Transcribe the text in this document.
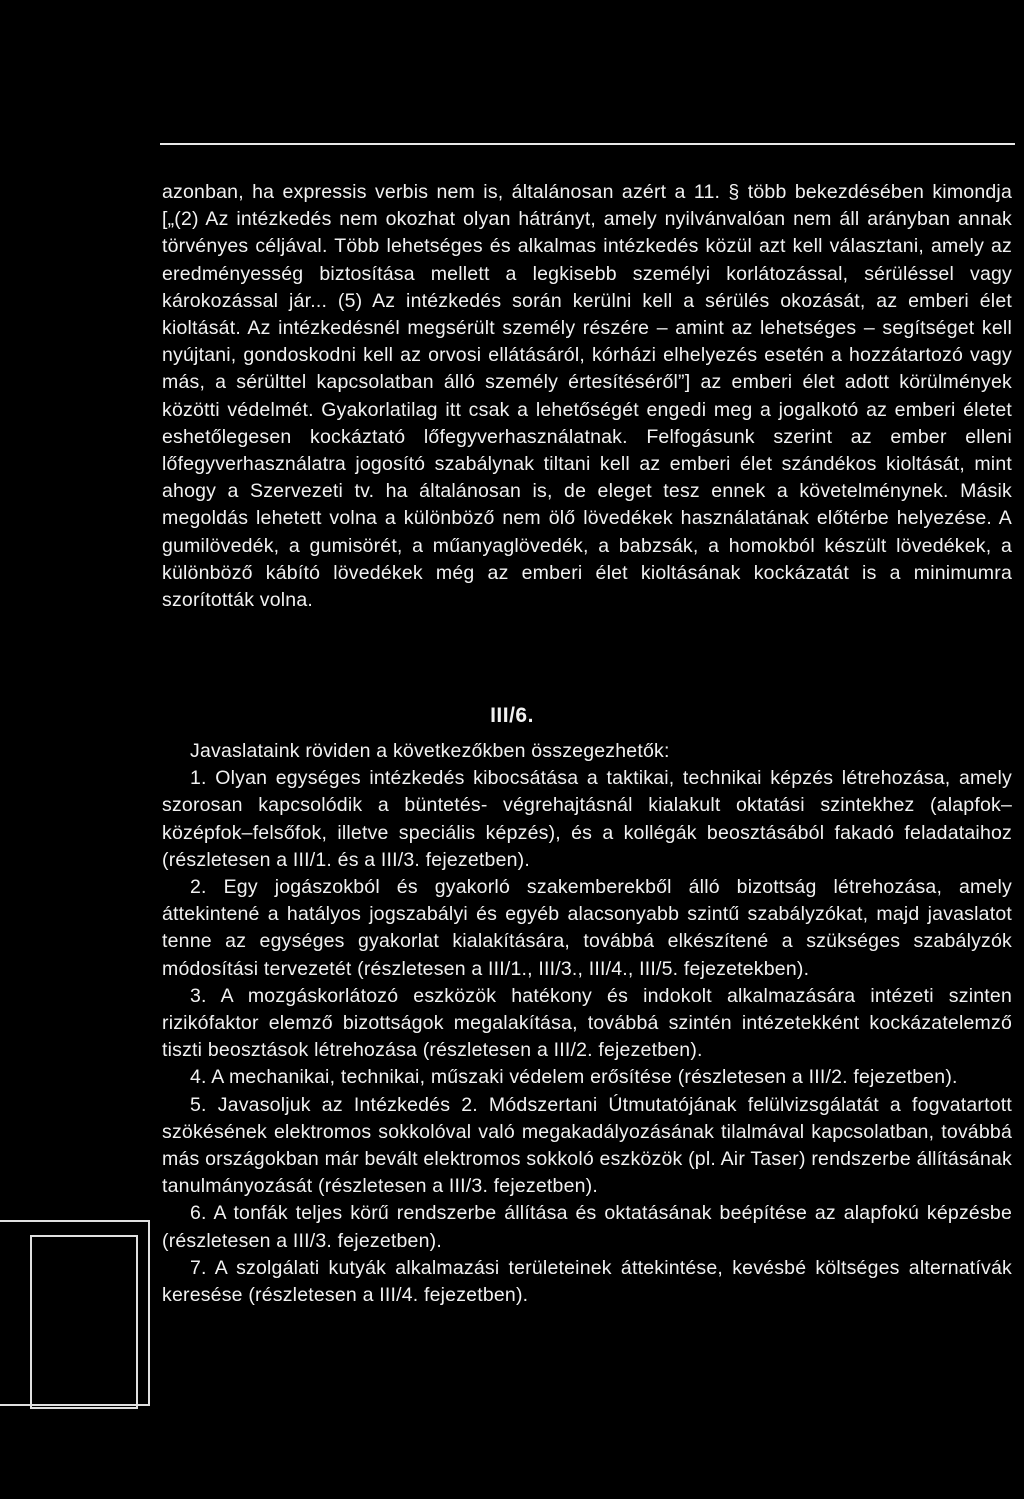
azonban, ha expressis verbis nem is, általánosan azért a 11. § több bekezdésében kimondja [„(2) Az intézkedés nem okozhat olyan hátrányt, amely nyilvánvalóan nem áll arányban annak törvényes céljával. Több lehetséges és alkalmas intézkedés közül azt kell választani, amely az eredményesség biztosítása mellett a legkisebb személyi korlátozással, sérüléssel vagy károkozással jár... (5) Az intézkedés során kerülni kell a sérülés okozását, az emberi élet kioltását. Az intézkedésnél megsérült személy részére – amint az lehetséges – segítséget kell nyújtani, gondoskodni kell az orvosi ellátásáról, kórházi elhelyezés esetén a hozzátartozó vagy más, a sérülttel kapcsolatban álló személy értesítéséről”] az emberi élet adott körülmények közötti védelmét. Gyakorlatilag itt csak a lehetőségét engedi meg a jogalkotó az emberi életet eshetőlegesen kockáztató lőfegyverhasználatnak. Felfogásunk szerint az ember elleni lőfegyverhasználatra jogosító szabálynak tiltani kell az emberi élet szándékos kioltását, mint ahogy a Szervezeti tv. ha általánosan is, de eleget tesz ennek a követelménynek. Másik megoldás lehetett volna a különböző nem ölő lövedékek használatának előtérbe helyezése. A gumilövedék, a gumisörét, a műanyaglövedék, a babzsák, a homokból készült lövedékek, a különböző kábító lövedékek még az emberi élet kioltásának kockázatát is a minimumra szorították volna.

III/6.

Javaslataink röviden a következőkben összegezhetők:

1. Olyan egységes intézkedés kibocsátása a taktikai, technikai képzés létrehozása, amely szorosan kapcsolódik a büntetés- végrehajtásnál kialakult oktatási szintekhez (alapfok–középfok–felsőfok, illetve speciális képzés), és a kollégák beosztásából fakadó feladataihoz (részletesen a III/1. és a III/3. fejezetben).

2. Egy jogászokból és gyakorló szakemberekből álló bizottság létrehozása, amely áttekintené a hatályos jogszabályi és egyéb alacsonyabb szintű szabályzókat, majd javaslatot tenne az egységes gyakorlat kialakítására, továbbá elkészítené a szükséges szabályzók módosítási tervezetét (részletesen a III/1., III/3., III/4., III/5. fejezetekben).

3. A mozgáskorlátozó eszközök hatékony és indokolt alkalmazására intézeti szinten rizikófaktor elemző bizottságok megalakítása, továbbá szintén intézetekként kockázatelemző tiszti beosztások létrehozása (részletesen a III/2. fejezetben).

4. A mechanikai, technikai, műszaki védelem erősítése (részletesen a III/2. fejezetben).

5. Javasoljuk az Intézkedés 2. Módszertani Útmutatójának felülvizsgálatát a fogvatartott szökésének elektromos sokkolóval való megakadályozásának tilalmával kapcsolatban, továbbá más országokban már bevált elektromos sokkoló eszközök (pl. Air Taser) rendszerbe állításának tanulmányozását (részletesen a III/3. fejezetben).

6. A tonfák teljes körű rendszerbe állítása és oktatásának beépítése az alapfokú képzésbe (részletesen a III/3. fejezetben).

7. A szolgálati kutyák alkalmazási területeinek áttekintése, kevésbé költséges alternatívák keresése (részletesen a III/4. fejezetben).
